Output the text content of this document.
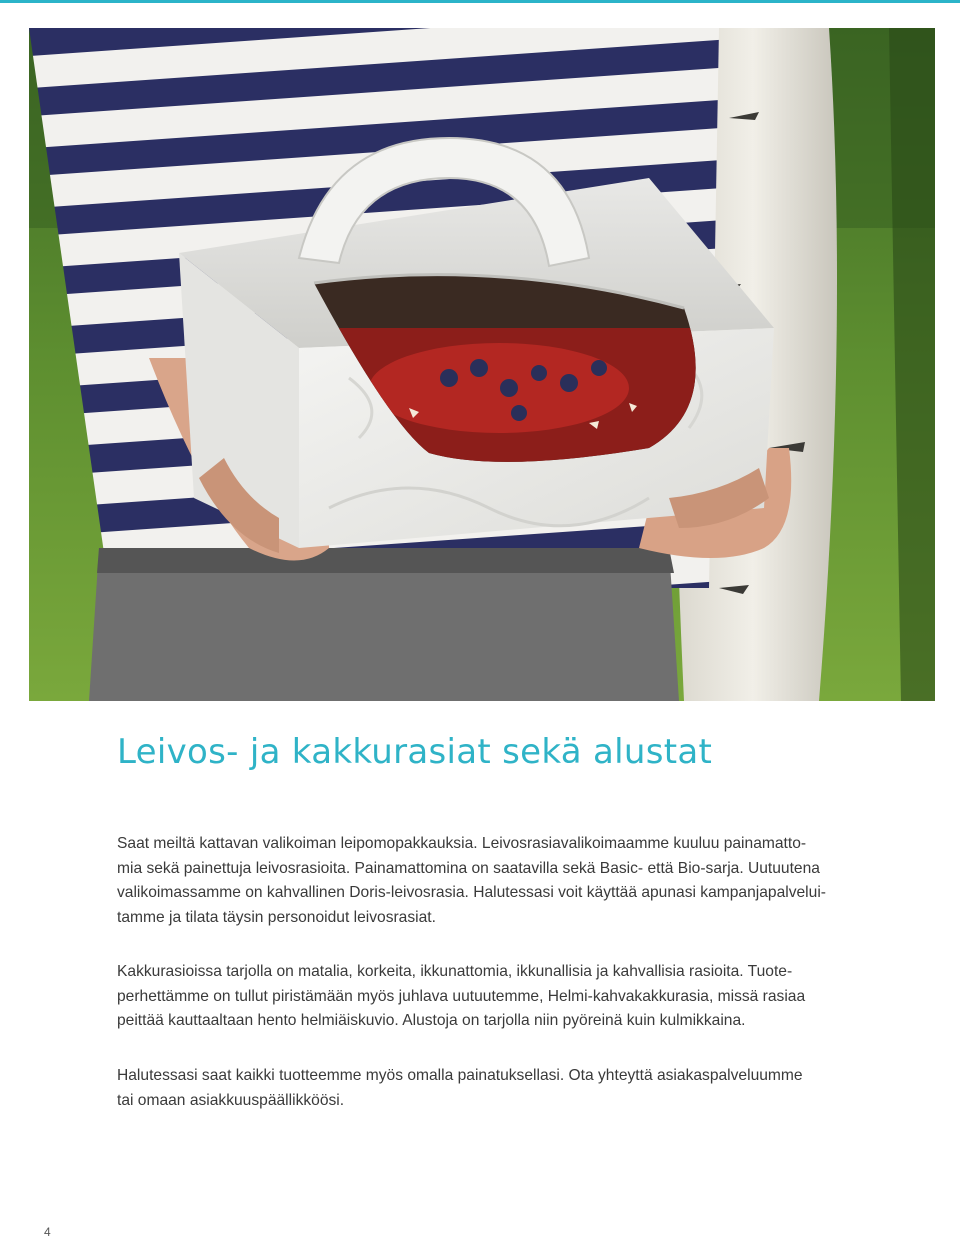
Leivos- ja kakkurasiat sekä alustat

Saat meiltä kattavan valikoiman leipomopakkauksia. Leivosrasiavalikoimaamme kuuluu painamatto-
mia sekä painettuja leivosrasioita. Painamattomina on saatavilla sekä Basic- että Bio-sarja. Uutuutena
valikoimassamme on kahvallinen Doris-leivosrasia. Halutessasi voit käyttää apunasi kampanjapalvelui-
tamme ja tilata täysin personoidut leivosrasiat.

Kakkurasioissa tarjolla on matalia, korkeita, ikkunattomia, ikkunallisia ja kahvallisia rasioita. Tuote-
perhettämme on tullut piristämään myös juhlava uutuutemme, Helmi-kahvakakkurasia, missä rasiaa
peittää kauttaaltaan hento helmiäiskuvio. Alustoja on tarjolla niin pyöreinä kuin kulmikkaina.

Halutessasi saat kaikki tuotteemme myös omalla painatuksellasi. Ota yhteyttä asiakaspalveluumme
tai omaan asiakkuuspäällikköösi.

4
